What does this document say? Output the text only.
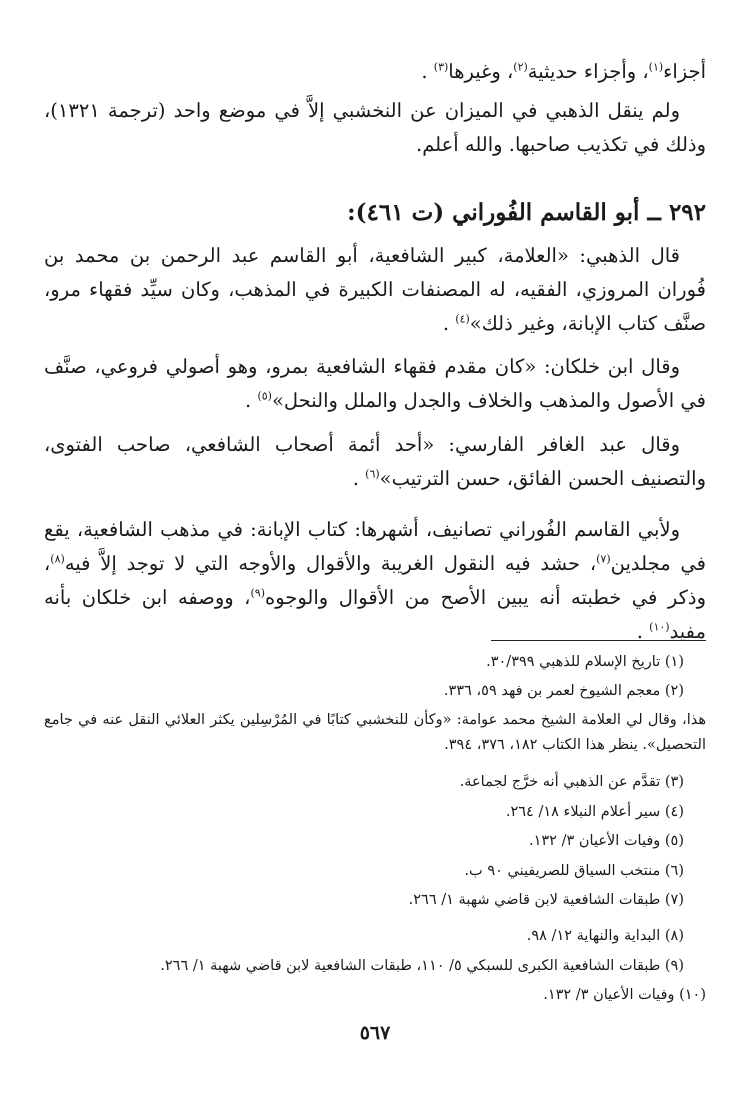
أجزاء$^{(١)}$، وأجزاء حديثية$^{(٢)}$، وغيرها$^{(٣)}$ .
ولم ينقل الذهبي في الميزان عن النخشبي إلاَّ في موضع واحد (ترجمة ١٣٢١)، وذلك في تكذيب صاحبها. والله أعلم.
٢٩٢ ــ أبو القاسم الفُوراني (ت ٤٦١):
قال الذهبي: «العلامة، كبير الشافعية، أبو القاسم عبد الرحمن بن محمد بن فُوران المروزي، الفقيه، له المصنفات الكبيرة في المذهب، وكان سيِّد فقهاء مرو، صنَّف كتاب الإبانة، وغير ذلك»$^{(٤)}$ .
وقال ابن خلكان: «كان مقدم فقهاء الشافعية بمرو، وهو أصولي فروعي، صنَّف في الأصول والمذهب والخلاف والجدل والملل والنحل»$^{(٥)}$ .
وقال عبد الغافر الفارسي: «أحد أئمة أصحاب الشافعي، صاحب الفتوى، والتصنيف الحسن الفائق، حسن الترتيب»$^{(٦)}$ .
ولأبي القاسم الفُوراني تصانيف، أشهرها: كتاب الإبانة: في مذهب الشافعية، يقع في مجلدين$^{(٧)}$، حشد فيه النقول الغريبة والأقوال والأوجه التي لا توجد إلاَّ فيه$^{(٨)}$، وذكر في خطبته أنه يبين الأصح من الأقوال والوجوه$^{(٩)}$، ووصفه ابن خلكان بأنه مفيد$^{(١٠)}$ .
(١) تاريخ الإسلام للذهبي ٣٠/٣٩٩.
(٢) معجم الشيوخ لعمر بن فهد ٥٩، ٣٣٦.
هذا، وقال لي العلامة الشيخ محمد عوامة: «وكأن للنخشبي كتابًا في المُرْسِلين يكثر العلائي النقل عنه في جامع التحصيل». ينظر هذا الكتاب ١٨٢، ٣٧٦، ٣٩٤.
(٣) تقدَّم عن الذهبي أنه خرَّج لجماعة.
(٤) سير أعلام النبلاء ١٨/ ٢٦٤.
(٥) وفيات الأعيان ٣/ ١٣٢.
(٦) منتخب السياق للصريفيني ٩٠ ب.
(٧) طبقات الشافعية لابن قاضي شهبة ١/ ٢٦٦.
(٨) البداية والنهاية ١٢/ ٩٨.
(٩) طبقات الشافعية الكبرى للسبكي ٥/ ١١٠، طبقات الشافعية لابن قاضي شهبة ١/ ٢٦٦.
(١٠) وفيات الأعيان ٣/ ١٣٢.
٥٦٧
